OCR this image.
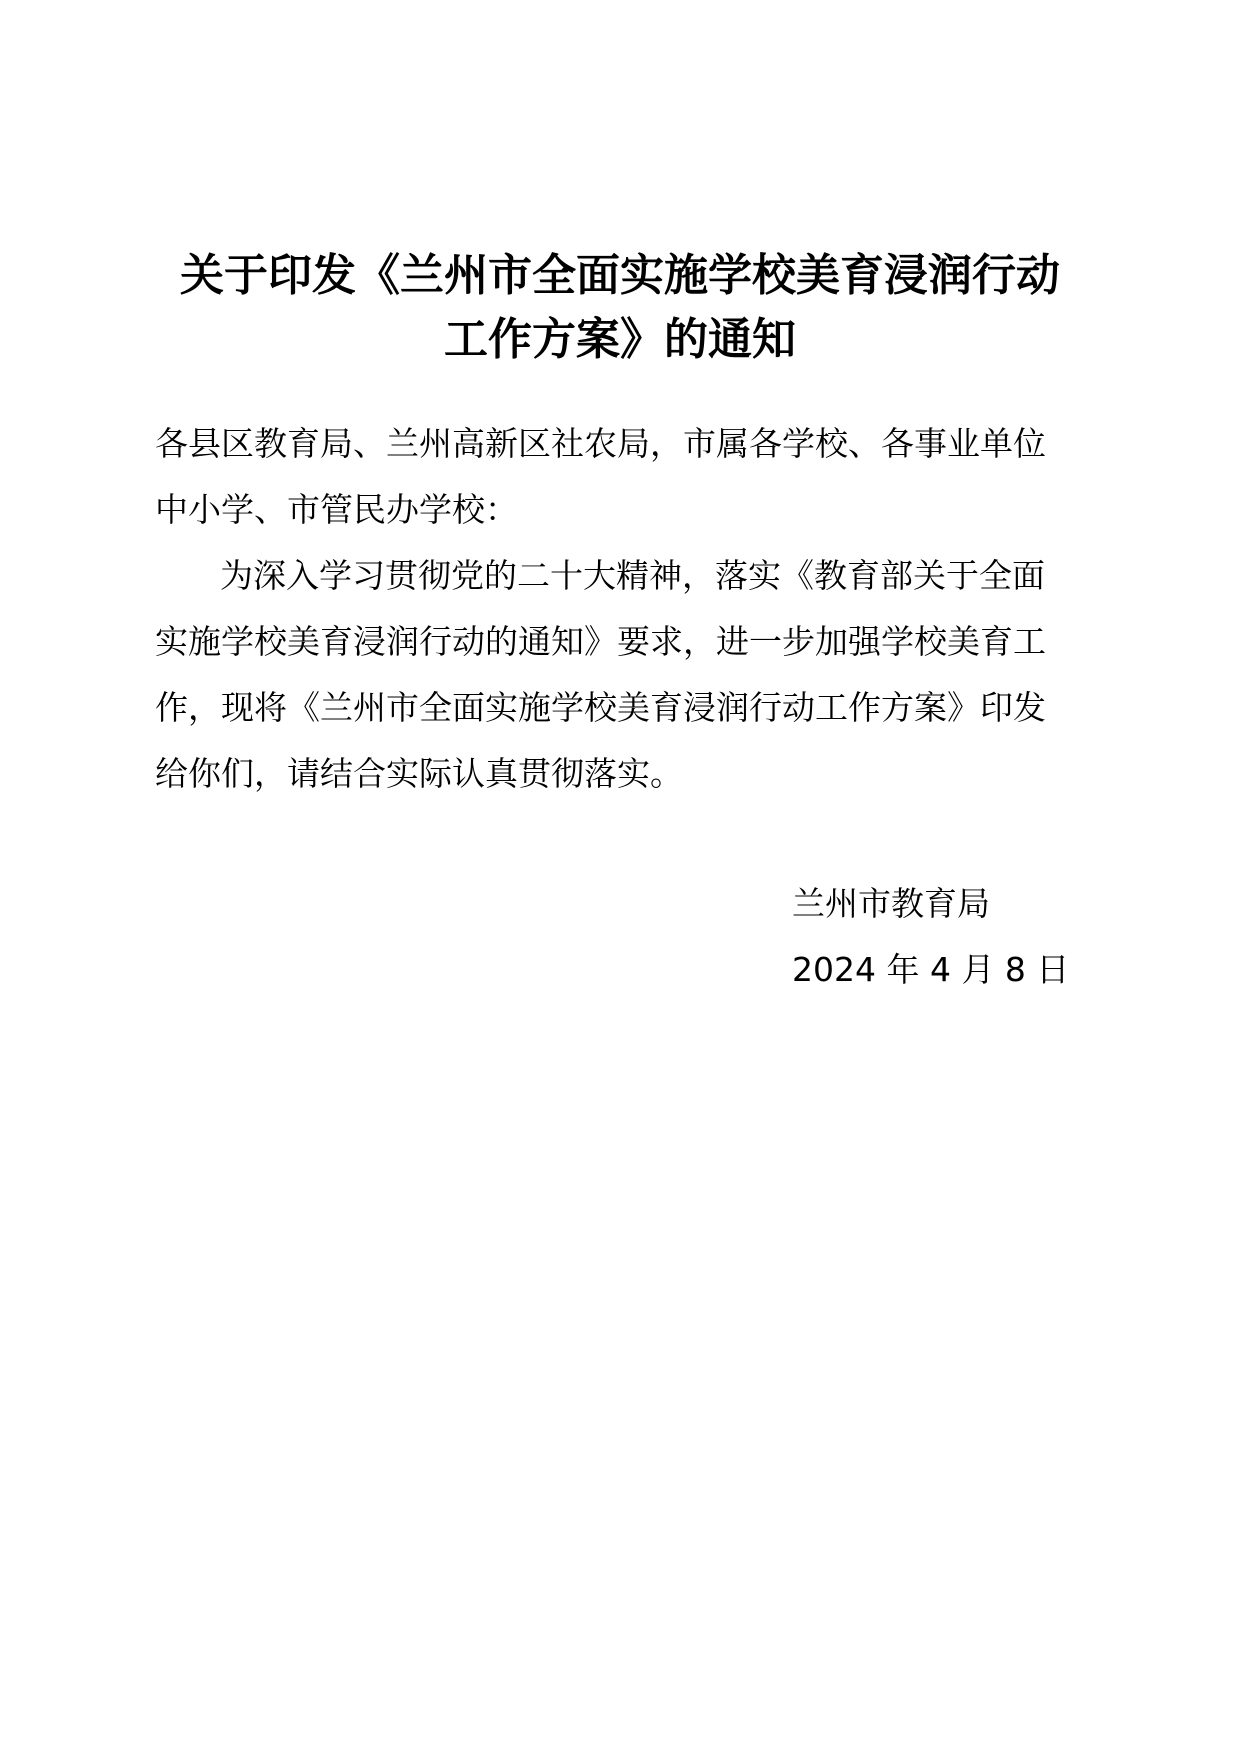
关于印发《兰州市全面实施学校美育浸润行动
工作方案》的通知
各县区教育局、兰州高新区社农局，市属各学校、各事业单位
中小学、市管民办学校：
为深入学习贯彻党的二十大精神，落实《教育部关于全面
实施学校美育浸润行动的通知》要求，进一步加强学校美育工
作，现将《兰州市全面实施学校美育浸润行动工作方案》印发
给你们，请结合实际认真贯彻落实。
兰州市教育局
2024 年 4 月 8 日
